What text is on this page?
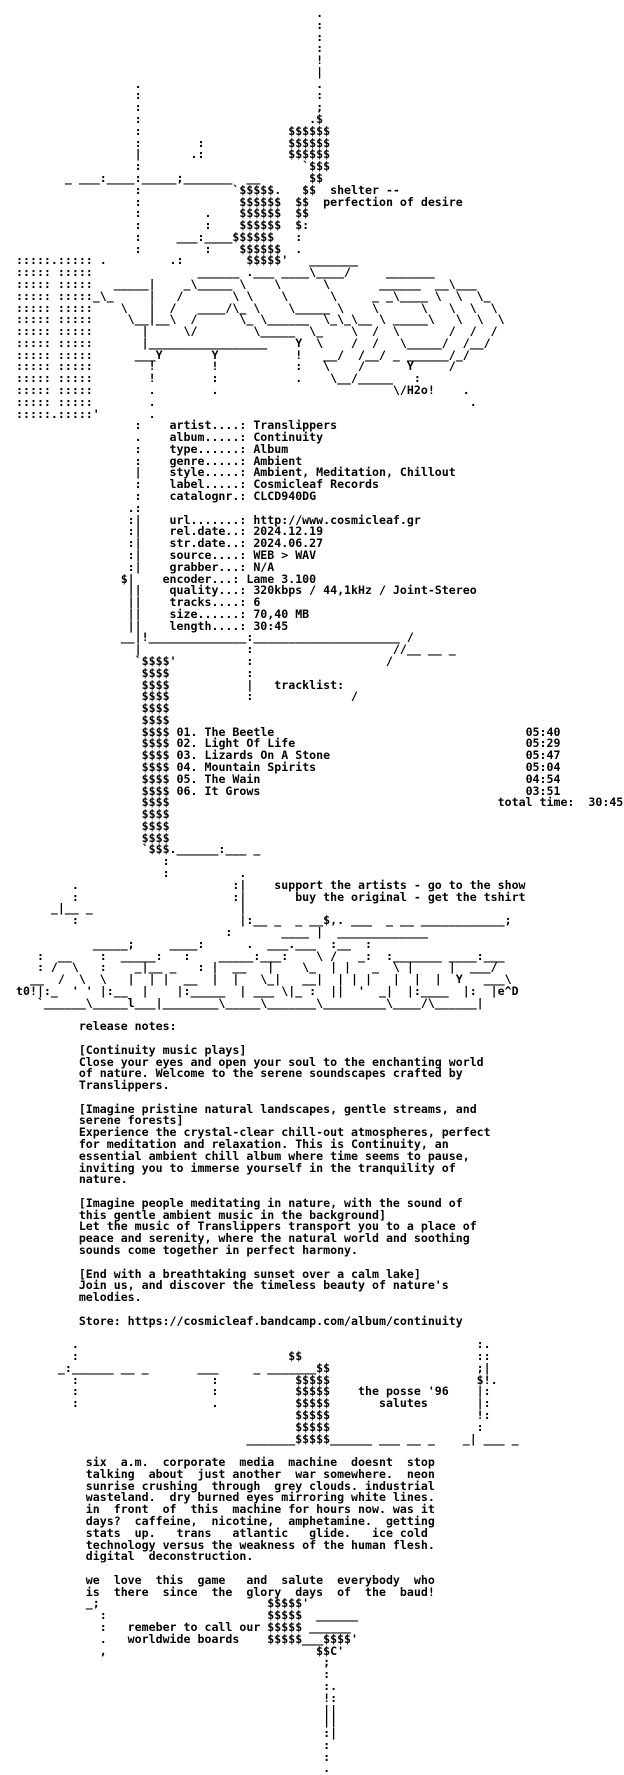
.
:
:
:
!
|
.                         .
:                         :
:                         ;
:                        .$
:                     $$$$$$
:        :            $$$$$$
|       .:            $$$$$$
:                       `$$$
_ ___:____:_____;_______  __       $$
:             `$$$$$.   $$  shelter --
:              $$$$$$  $$  perfection of desire
:         .    $$$$$$  $$
:         :    $$$$$$  $:
:     ___:____$$$$$$   :
:         :    $$$$$$  .
:::::.::::: .         .:         $$$$$'   _______
::::: :::::               ______ .___ ____\____/     _______
::::: :::::   _____|    _\_____ \    \      \       ______  __\___
::::: :::::_\_     |   /       \ \    \      \     _ _\____ \  \  \_
::::: :::::    \   |  /   ____/\_ \    \_____ \    \      \   \  \  \
::::: :::::     \__|__\  /      \_ \______  \_\_\__ \ _____\   \  \  \
::::: :::::       |     \/        \_____  \_    \  /  \       /  /  /
::::: :::::       |_________________    Y  \    /  /   \_____/  /__/
::::: :::::      ___Y       Y           !   __/  /__/ _ ______/_/
::::: :::::        !        !           :   \    /      Y     /
::::: :::::        !        :           .    \__/_____   :
::::: :::::        .        .                         \/H2o!    .
::::: :::::        .                                             .
:::::.:::::'       .
:    artist....: Translippers
.    album.....: Continuity
:    type......: Album
:    genre.....: Ambient
|    style.....: Ambient, Meditation, Chillout
:    label.....: Cosmicleaf Records
:    catalognr.: CLCD940DG
.:
:|    url.......: http://www.cosmicleaf.gr
:|    rel.date..: 2024.12.19
:|    str.date..: 2024.06.27
:|    source....: WEB > WAV
:|    grabber...: N/A
$|    encoder...: Lame 3.100
||    quality...: 320kbps / 44,1kHz / Joint-Stereo
||    tracks....: 6
||    size......: 70,40 MB
||    length....: 30:45
__|!______________:_____________________ /
|               :                    //__ __ _
`$$$$'          :                   /
$$$$           :
$$$$           |   tracklist:
$$$$           :              /
$$$$
$$$$
$$$$ 01. The Beetle	05:40
$$$$ 02. Light Of Life	05:29
$$$$ 03. Lizards On A Stone	05:47
$$$$ 04. Mountain Spirits	05:04
$$$$ 05. The Wain	04:54
$$$$ 06. It Grows	03:51
$$$$                                               total time: 30:45
$$$$
$$$$
$$$$
`$$$.______:___ _
:
:          .
.                      :|    support the artists - go to the show
:                      :|       buy the original - get the tshirt
_|__ _                     |
:                       |:__ _  _ __$,. ___  _ __ ____________;
:       ____ |  _____________
_____;     ____:      .  ___.___  :__  :
:  __    :  _____:   :    _____:___:    \ /   _:  :_______ ____:___
: /  \   :    _|__ _   : |  __   |    \_  | |   _  \ |     |  ___/
__  /  \  \   |  | |  __  |  |   \_|   __|  | | |   |  |  |  Y   ___\
t0!|:_  ' ' |:__  |    |:_____  | ___ \|_ :  ||  '  _|  |:____  |:  |e^D
`______\_____l___|________\_____\_______\_________\____/\______|

release notes:

[Continuity music plays]
Close your eyes and open your soul to the enchanting world
of nature. Welcome to the serene soundscapes crafted by
Translippers.

[Imagine pristine natural landscapes, gentle streams, and
serene forests]
Experience the crystal-clear chill-out atmospheres, perfect
for meditation and relaxation. This is Continuity, an
essential ambient chill album where time seems to pause,
inviting you to immerse yourself in the tranquility of
nature.

[Imagine people meditating in nature, with the sound of
this gentle ambient music in the background]
Let the music of Translippers transport you to a place of
peace and serenity, where the natural world and soothing
sounds come together in perfect harmony.

[End with a breathtaking sunset over a calm lake]
Join us, and discover the timeless beauty of nature's
melodies.

Store: https://cosmicleaf.bandcamp.com/album/continuity

.                                                         :.
:                              $$                         ::
_:______ __ _       ___     _ _______$$                     ;|
:                   :           $$$$$                     $!.
:                   :           $$$$$    the posse '96    |:
:                   .           $$$$$       salutes       |:
$$$$$                     !:
$$$$$                     :
_______$$$$$______ ___ __ _    _| ___ _

six  a.m.  corporate  media  machine  doesnt  stop
talking  about  just another  war somewhere.  neon
sunrise crushing  through  grey clouds. industrial
wasteland.  dry burned eyes mirroring white lines.
in  front  of  this  machine for hours now. was it
days?  caffeine,  nicotine,  amphetamine.  getting
stats  up.   trans   atlantic   glide.   ice cold
technology versus the weakness of the human flesh.
digital  deconstruction.

we  love  this  game   and  salute  everybody  who
is  there  since  the  glory  days  of  the  baud!
_;                        $$$$$'
:                       $$$$$  ______
:   remeber to call our $$$$$ ______
.   worldwide boards    $$$$$___$$$$'
,                              $$C'
;
:
:.
!:
||
||
:|
:
:
.
